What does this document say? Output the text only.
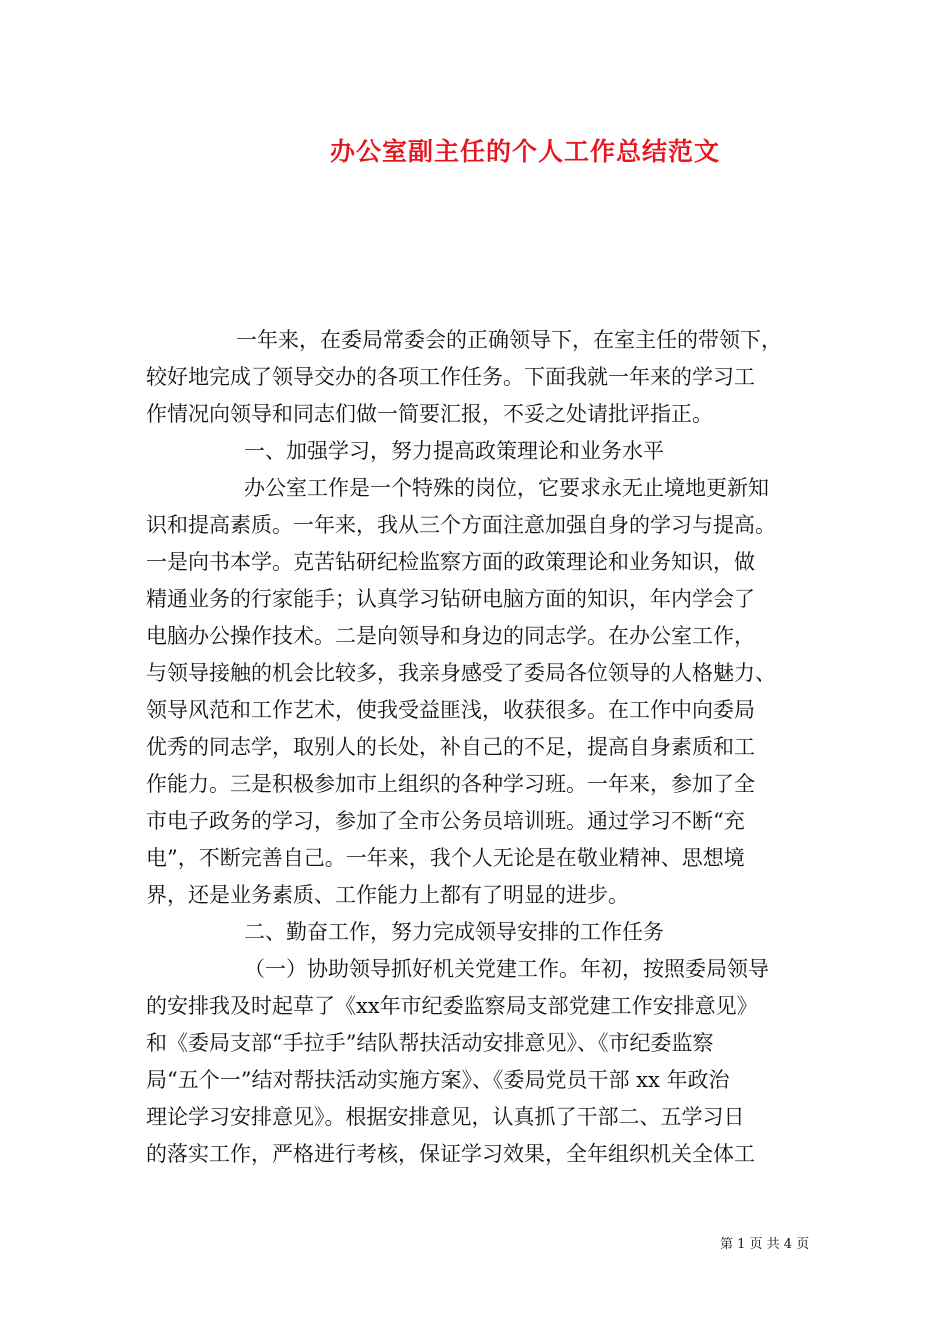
办公室副主任的个人工作总结范文
一年来，在委局常委会的正确领导下，在室主任的带领下，
较好地完成了领导交办的各项工作任务。下面我就一年来的学习工
作情况向领导和同志们做一简要汇报，不妥之处请批评指正。
一、加强学习，努力提高政策理论和业务水平
办公室工作是一个特殊的岗位，它要求永无止境地更新知
识和提高素质。一年来，我从三个方面注意加强自身的学习与提高。
一是向书本学。克苦钻研纪检监察方面的政策理论和业务知识，做
精通业务的行家能手；认真学习钻研电脑方面的知识，年内学会了
电脑办公操作技术。二是向领导和身边的同志学。在办公室工作，
与领导接触的机会比较多，我亲身感受了委局各位领导的人格魅力、
领导风范和工作艺术，使我受益匪浅，收获很多。在工作中向委局
优秀的同志学，取别人的长处，补自己的不足，提高自身素质和工
作能力。三是积极参加市上组织的各种学习班。一年来，参加了全
市电子政务的学习，参加了全市公务员培训班。通过学习不断“充
电”，不断完善自己。一年来，我个人无论是在敬业精神、思想境
界，还是业务素质、工作能力上都有了明显的进步。
二、勤奋工作，努力完成领导安排的工作任务
（一）协助领导抓好机关党建工作。年初，按照委局领导
的安排我及时起草了《xx年市纪委监察局支部党建工作安排意见》
和《委局支部“手拉手”结队帮扶活动安排意见》、《市纪委监察
局“五个一”结对帮扶活动实施方案》、《委局党员干部 xx 年政治
理论学习安排意见》。根据安排意见，认真抓了干部二、五学习日
的落实工作，严格进行考核，保证学习效果，全年组织机关全体工
第 1 页 共 4 页
